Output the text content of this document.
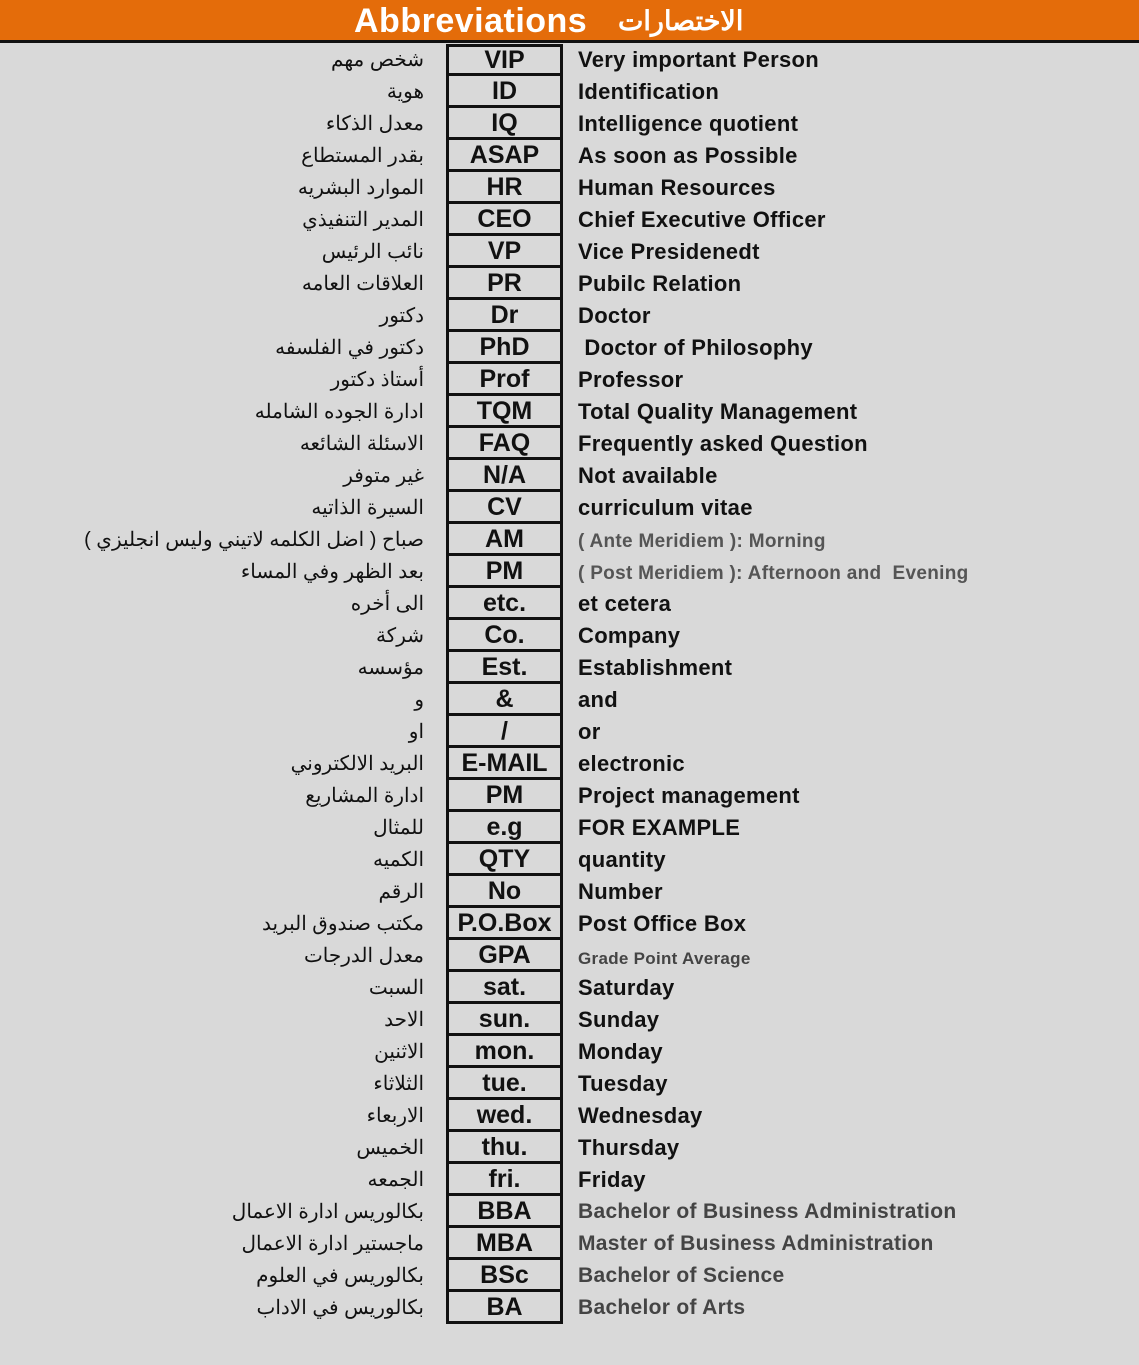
Abbreviations الاختصارات
شخص مهم	VIP	Very important Person
هوية	ID	Identification
معدل الذكاء	IQ	Intelligence quotient
بقدر المستطاع	ASAP	As soon as Possible
الموارد البشريه	HR	Human Resources
المدير التنفيذي	CEO	Chief Executive Officer
نائب الرئيس	VP	Vice Presidenedt
العلاقات العامه	PR	Pubilc Relation
دكتور	Dr	Doctor
دكتور في الفلسفه	PhD	Doctor of Philosophy
أستاذ دكتور	Prof	Professor
ادارة الجوده الشامله	TQM	Total Quality Management
الاسئلة الشائعه	FAQ	Frequently asked Question
غير متوفر	N/A	Not available
السيرة الذاتيه	CV	curriculum vitae
صباح ( اضل الكلمه لاتيني وليس انجليزي )	AM	( Ante Meridiem ): Morning
بعد الظهر وفي المساء	PM	( Post Meridiem ): Afternoon and  Evening
الى أخره	etc.	et cetera
شركة	Co.	Company
مؤسسه	Est.	Establishment
و	&	and
او	/	or
البريد الالكتروني	E-MAIL	electronic
ادارة المشاريع	PM	Project management
للمثال	e.g	FOR EXAMPLE
الكميه	QTY	quantity
الرقم	No	Number
مكتب صندوق البريد	P.O.Box	Post Office Box
معدل الدرجات	GPA	Grade Point Average
السبت	sat.	Saturday
الاحد	sun.	Sunday
الاثنين	mon.	Monday
الثلاثاء	tue.	Tuesday
الاربعاء	wed.	Wednesday
الخميس	thu.	Thursday
الجمعه	fri.	Friday
بكالوريس ادارة الاعمال	BBA	Bachelor of Business Administration
ماجستير ادارة الاعمال	MBA	Master of Business Administration
بكالوريس في العلوم	BSc	Bachelor of Science
بكالوريس في الاداب	BA	Bachelor of Arts
